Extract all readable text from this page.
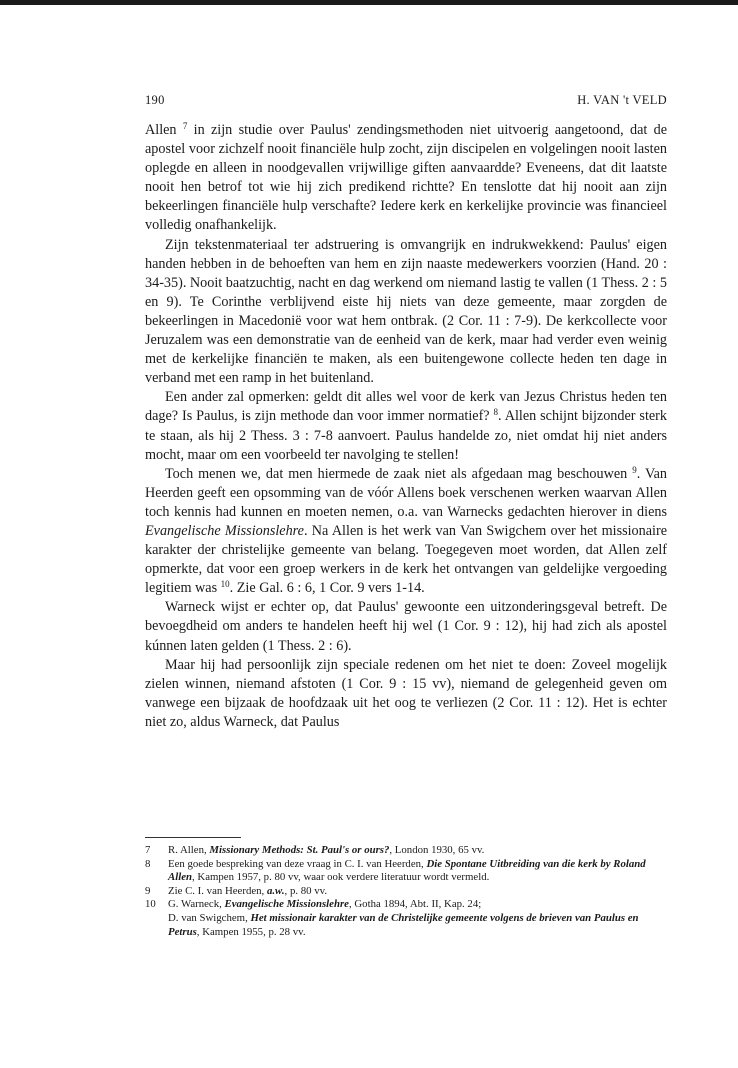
190	H. VAN 't VELD

Allen $^7$ in zijn studie over Paulus' zendingsmethoden niet uitvoerig aangetoond, dat de apostel voor zichzelf nooit financiële hulp zocht, zijn discipelen en volgelingen nooit lasten oplegde en alleen in noodgevallen vrijwillige giften aanvaardde? Eveneens, dat dit laatste nooit hen betrof tot wie hij zich predikend richtte? En tenslotte dat hij nooit aan zijn bekeerlingen financiële hulp verschafte? Iedere kerk en kerkelijke provincie was financieel volledig onafhankelijk.

Zijn tekstenmateriaal ter adstruering is omvangrijk en indrukwekkend: Paulus' eigen handen hebben in de behoeften van hem en zijn naaste medewerkers voorzien (Hand. 20 : 34-35). Nooit baatzuchtig, nacht en dag werkend om niemand lastig te vallen (1 Thess. 2 : 5 en 9). Te Corinthe verblijvend eiste hij niets van deze gemeente, maar zorgden de bekeerlingen in Macedonië voor wat hem ontbrak. (2 Cor. 11 : 7-9). De kerkcollecte voor Jeruzalem was een demonstratie van de eenheid van de kerk, maar had verder even weinig met de kerkelijke financiën te maken, als een buitengewone collecte heden ten dage in verband met een ramp in het buitenland.

Een ander zal opmerken: geldt dit alles wel voor de kerk van Jezus Christus heden ten dage? Is Paulus, is zijn methode dan voor immer normatief? $^8$. Allen schijnt bijzonder sterk te staan, als hij 2 Thess. 3 : 7-8 aanvoert. Paulus handelde zo, niet omdat hij niet anders mocht, maar om een voorbeeld ter navolging te stellen!

Toch menen we, dat men hiermede de zaak niet als afgedaan mag beschouwen $^9$. Van Heerden geeft een opsomming van de vóór Allens boek verschenen werken waarvan Allen toch kennis had kunnen en moeten nemen, o.a. van Warnecks gedachten hierover in diens Evangelische Missionslehre. Na Allen is het werk van Van Swigchem over het missionaire karakter der christelijke gemeente van belang. Toegegeven moet worden, dat Allen zelf opmerkte, dat voor een groep werkers in de kerk het ontvangen van geldelijke vergoeding legitiem was $^{10}$. Zie Gal. 6 : 6, 1 Cor. 9 vers 1-14.

Warneck wijst er echter op, dat Paulus' gewoonte een uitzonderingsgeval betreft. De bevoegdheid om anders te handelen heeft hij wel (1 Cor. 9 : 12), hij had zich als apostel kúnnen laten gelden (1 Thess. 2 : 6).

Maar hij had persoonlijk zijn speciale redenen om het niet te doen: Zoveel mogelijk zielen winnen, niemand afstoten (1 Cor. 9 : 15 vv), niemand de gelegenheid geven om vanwege een bijzaak de hoofdzaak uit het oog te verliezen (2 Cor. 11 : 12). Het is echter niet zo, aldus Warneck, dat Paulus

7 R. Allen, Missionary Methods: St. Paul's or ours?, London 1930, 65 vv.
8 Een goede bespreking van deze vraag in C. I. van Heerden, Die Spontane Uitbreiding van die kerk by Roland Allen, Kampen 1957, p. 80 vv, waar ook verdere literatuur wordt vermeld.
9 Zie C. I. van Heerden, a.w., p. 80 vv.
10 G. Warneck, Evangelische Missionslehre, Gotha 1894, Abt. II, Kap. 24;
D. van Swigchem, Het missionair karakter van de Christelijke gemeente volgens de brieven van Paulus en Petrus, Kampen 1955, p. 28 vv.
